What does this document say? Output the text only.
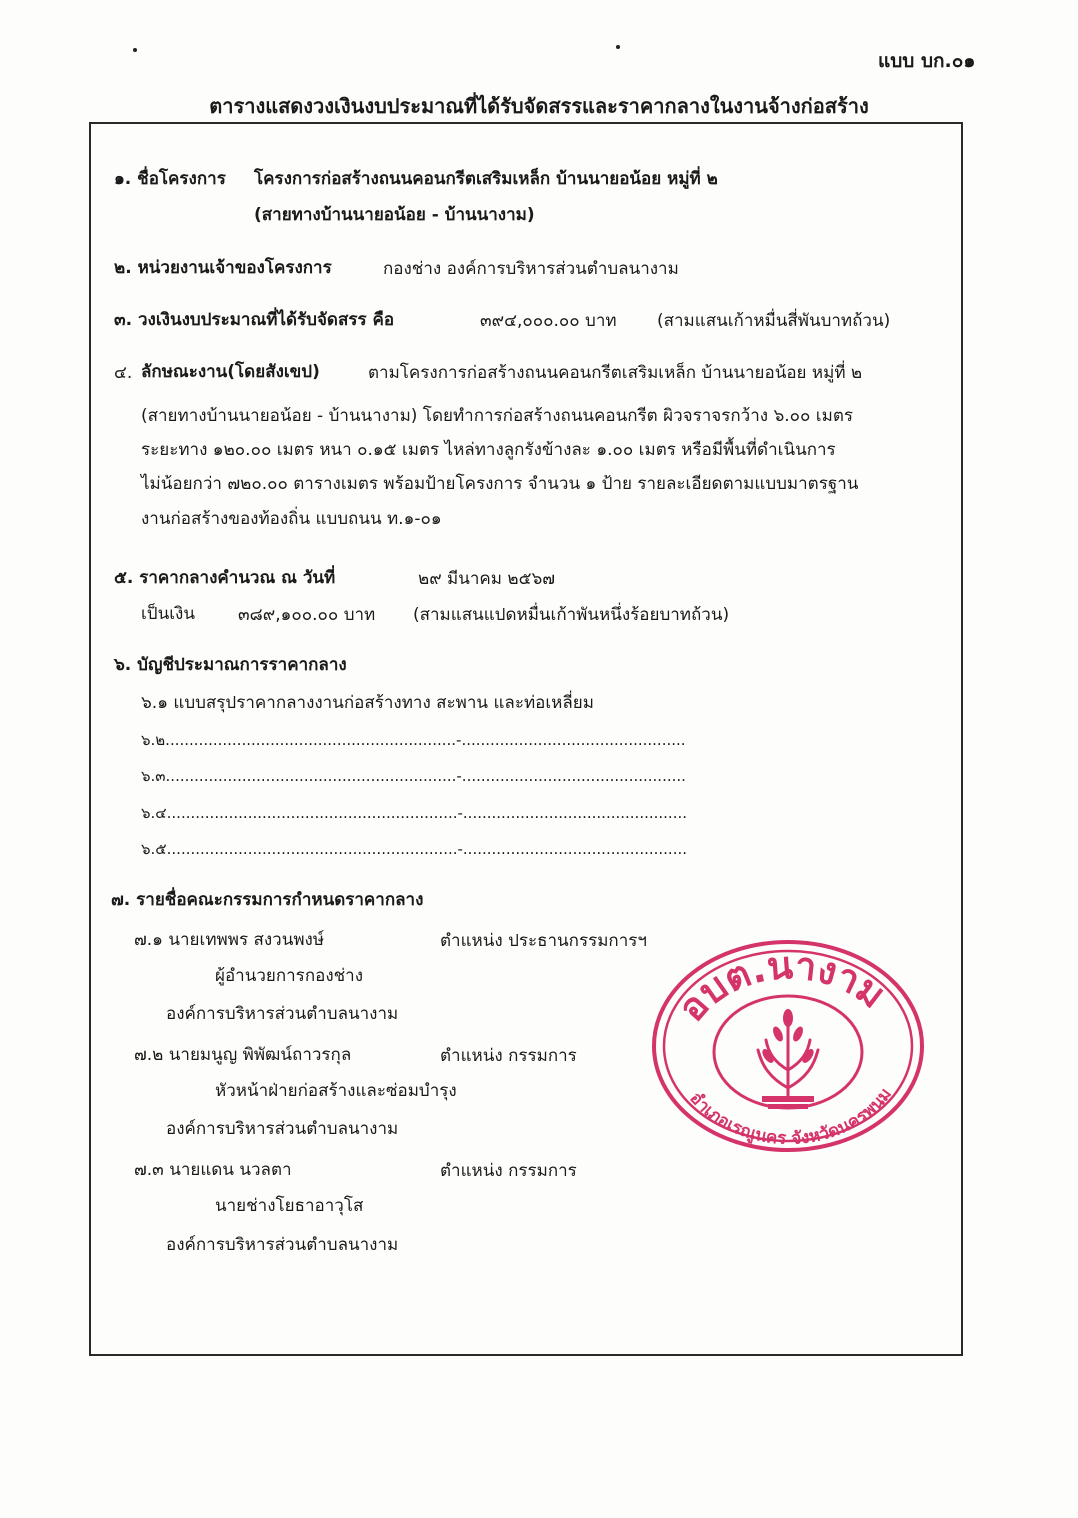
แบบ บก.๐๑
ตารางแสดงวงเงินงบประมาณที่ได้รับจัดสรรและราคากลางในงานจ้างก่อสร้าง
๑. ชื่อโครงการ โครงการก่อสร้างถนนคอนกรีตเสริมเหล็ก บ้านนายอน้อย หมู่ที่ ๒
(สายทางบ้านนายอน้อย - บ้านนางาม)
๒. หน่วยงานเจ้าของโครงการ	กองช่าง องค์การบริหารส่วนตำบลนางาม
๓. วงเงินงบประมาณที่ได้รับจัดสรร คือ	๓๙๔,๐๐๐.๐๐ บาท (สามแสนเก้าหมื่นสี่พันบาทถ้วน)
๔. ลักษณะงาน(โดยสังเขป)	ตามโครงการก่อสร้างถนนคอนกรีตเสริมเหล็ก บ้านนายอน้อย หมู่ที่ ๒
(สายทางบ้านนายอน้อย - บ้านนางาม) โดยทำการก่อสร้างถนนคอนกรีต ผิวจราจรกว้าง ๖.๐๐ เมตร
ระยะทาง ๑๒๐.๐๐ เมตร หนา ๐.๑๕ เมตร ไหล่ทางลูกรังข้างละ ๑.๐๐ เมตร หรือมีพื้นที่ดำเนินการ
ไม่น้อยกว่า ๗๒๐.๐๐ ตารางเมตร พร้อมป้ายโครงการ จำนวน ๑ ป้าย รายละเอียดตามแบบมาตรฐาน
งานก่อสร้างของท้องถิ่น แบบถนน ท.๑-๐๑
๕. ราคากลางคำนวณ ณ วันที่	๒๙ มีนาคม ๒๕๖๗
เป็นเงิน	๓๘๙,๑๐๐.๐๐ บาท (สามแสนแปดหมื่นเก้าพันหนึ่งร้อยบาทถ้วน)
๖. บัญชีประมาณการราคากลาง
๖.๑ แบบสรุปราคากลางงานก่อสร้างทาง สะพาน และท่อเหลี่ยม
๖.๒.............................................................-...............................................
๖.๓.............................................................-...............................................
๖.๔.............................................................-...............................................
๖.๕.............................................................-...............................................
๗. รายชื่อคณะกรรมการกำหนดราคากลาง
๗.๑ นายเทพพร สงวนพงษ์	ตำแหน่ง ประธานกรรมการฯ
ผู้อำนวยการกองช่าง
องค์การบริหารส่วนตำบลนางาม
๗.๒ นายมนูญ พิพัฒน์ถาวรกุล	ตำแหน่ง กรรมการ
หัวหน้าฝ่ายก่อสร้างและซ่อมบำรุง
องค์การบริหารส่วนตำบลนางาม
๗.๓ นายแดน นวลตา	ตำแหน่ง กรรมการ
นายช่างโยธาอาวุโส
องค์การบริหารส่วนตำบลนางาม
อบต.นางาม
อำเภอเรณูนคร จังหวัดนครพนม
